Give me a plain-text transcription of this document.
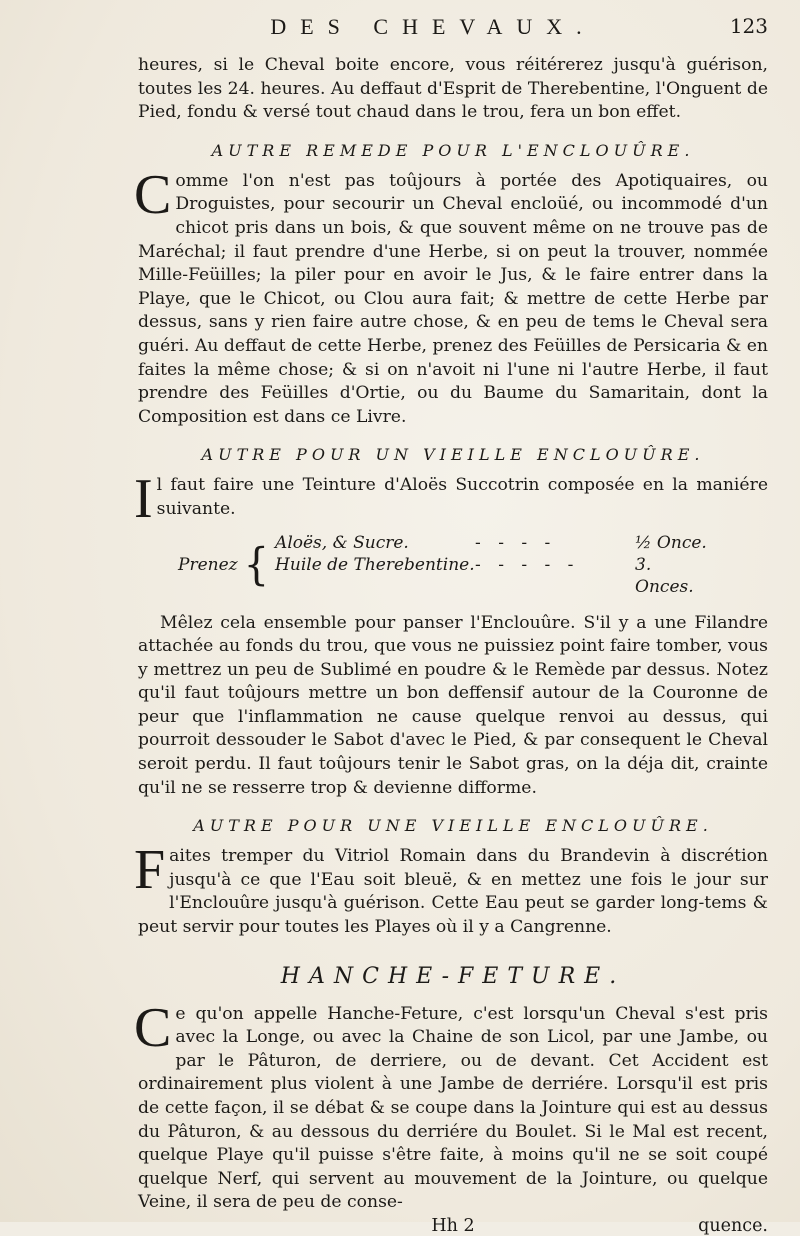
DES CHEVAUX.	123

heures, si le Cheval boite encore, vous réitérerez jusqu'à guérison, toutes les 24. heures. Au deffaut d'Esprit de Therebentine, l'Onguent de Pied, fondu & versé tout chaud dans le trou, fera un bon effet.

AUTRE REMEDE POUR L'ENCLOUÛRE.

Comme l'on n'est pas toûjours à portée des Apotiquaires, ou Droguistes, pour secourir un Cheval encloüé, ou incommodé d'un chicot pris dans un bois, & que souvent même on ne trouve pas de Maréchal; il faut prendre d'une Herbe, si on peut la trouver, nommée Mille-Feüilles; la piler pour en avoir le Jus, & le faire entrer dans la Playe, que le Chicot, ou Clou aura fait; & mettre de cette Herbe par dessus, sans y rien faire autre chose, & en peu de tems le Cheval sera guéri. Au deffaut de cette Herbe, prenez des Feüilles de Persicaria & en faites la même chose; & si on n'avoit ni l'une ni l'autre Herbe, il faut prendre des Feüilles d'Ortie, ou du Baume du Samaritain, dont la Composition est dans ce Livre.

AUTRE POUR UN VIEILLE ENCLOUÛRE.

Il faut faire une Teinture d'Aloës Succotrin composée en la maniére suivante.

Prenez { Aloës, & Sucre.	- - - -	½ Once.
Huile de Therebentine. - - - - -	3. Onces.

Mêlez cela ensemble pour panser l'Enclouûre. S'il y a une Filandre attachée au fonds du trou, que vous ne puissiez point faire tomber, vous y mettrez un peu de Sublimé en poudre & le Remède par dessus. Notez qu'il faut toûjours mettre un bon deffensif autour de la Couronne de peur que l'inflammation ne cause quelque renvoi au dessus, qui pourroit dessouder le Sabot d'avec le Pied, & par consequent le Cheval seroit perdu. Il faut toûjours tenir le Sabot gras, on la déja dit, crainte qu'il ne se resserre trop & devienne difforme.

AUTRE POUR UNE VIEILLE ENCLOUÛRE.

Faites tremper du Vitriol Romain dans du Brandevin à discrétion jusqu'à ce que l'Eau soit bleuë, & en mettez une fois le jour sur l'Enclouûre jusqu'à guérison. Cette Eau peut se garder long-tems & peut servir pour toutes les Playes où il y a Cangrenne.

HANCHE-FETURE.

Ce qu'on appelle Hanche-Feture, c'est lorsqu'un Cheval s'est pris avec la Longe, ou avec la Chaine de son Licol, par une Jambe, ou par le Pâturon, de derriere, ou de devant. Cet Accident est ordinairement plus violent à une Jambe de derriére. Lorsqu'il est pris de cette façon, il se débat & se coupe dans la Jointure qui est au dessus du Pâturon, & au dessous du derriére du Boulet. Si le Mal est recent, quelque Playe qu'il puisse s'être faite, à moins qu'il ne se soit coupé quelque Nerf, qui servent au mouvement de la Jointure, ou quelque Veine, il sera de peu de conse-

Hh 2	quence.
